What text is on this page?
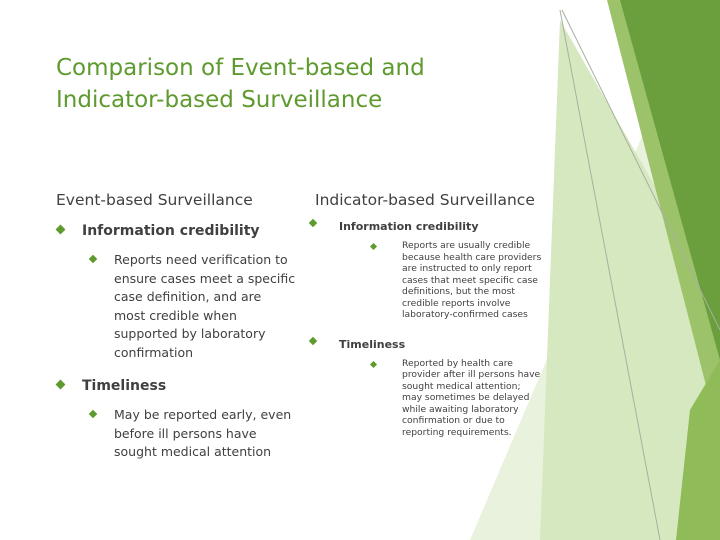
Comparison of Event-based and Indicator-based Surveillance
Event-based Surveillance	Indicator-based Surveillance
Information credibility
Reports need verification to ensure cases meet a specific case definition, and are most credible when supported by laboratory confirmation
Timeliness
May be reported early, even before ill persons have sought medical attention
Information credibility
Reports are usually credible because health care providers are instructed to only report cases that meet specific case definitions, but the most credible reports involve laboratory-confirmed cases
Timeliness
Reported by health care provider after ill persons have sought medical attention; may sometimes be delayed while awaiting laboratory confirmation or due to reporting requirements.
